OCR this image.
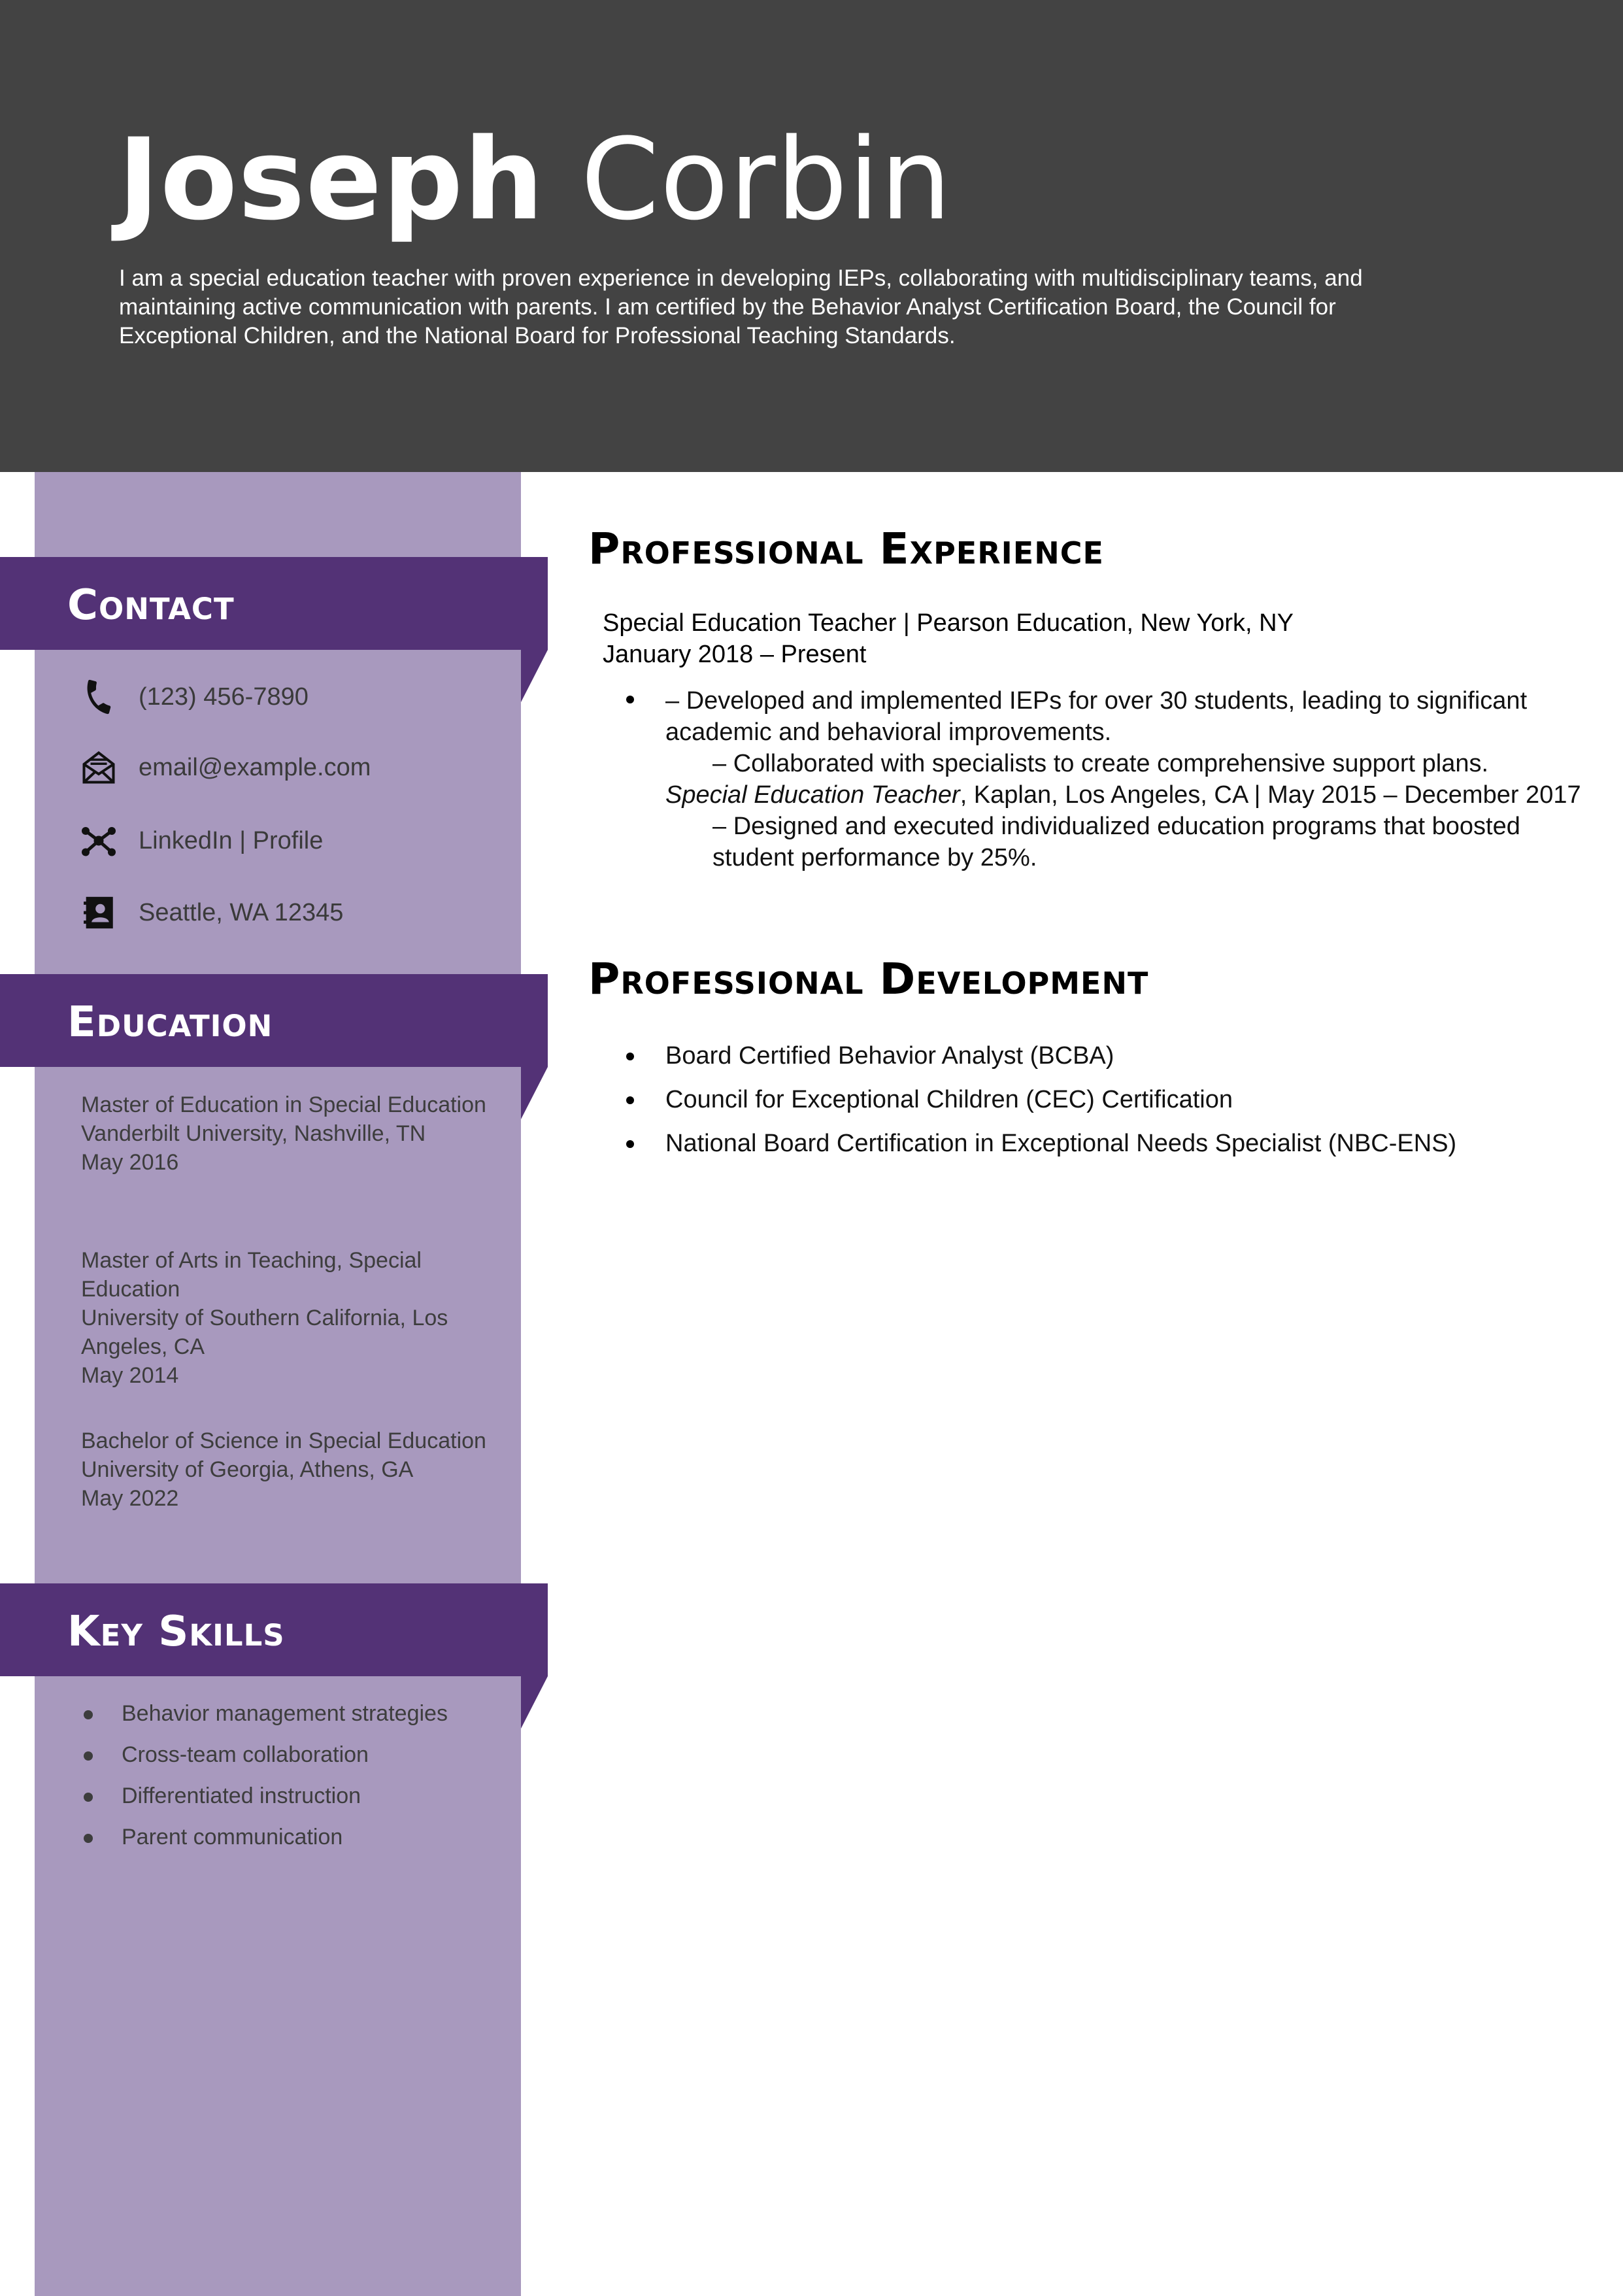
Joseph Corbin
I am a special education teacher with proven experience in developing IEPs, collaborating with multidisciplinary teams, and maintaining active communication with parents. I am certified by the Behavior Analyst Certification Board, the Council for Exceptional Children, and the National Board for Professional Teaching Standards.
Contact
(123) 456-7890
email@example.com
LinkedIn | Profile
Seattle, WA 12345
Education
Master of Education in Special Education
Vanderbilt University, Nashville, TN
May 2016
Master of Arts in Teaching, Special Education
University of Southern California, Los Angeles, CA
May 2014
Bachelor of Science in Special Education
University of Georgia, Athens, GA
May 2022
Key Skills
Behavior management strategies
Cross-team collaboration
Differentiated instruction
Parent communication
Professional Experience
Special Education Teacher | Pearson Education, New York, NY
January 2018 – Present
– Developed and implemented IEPs for over 30 students, leading to significant academic and behavioral improvements.
– Collaborated with specialists to create comprehensive support plans.
Special Education Teacher, Kaplan, Los Angeles, CA | May 2015 – December 2017
– Designed and executed individualized education programs that boosted student performance by 25%.
Professional Development
Board Certified Behavior Analyst (BCBA)
Council for Exceptional Children (CEC) Certification
National Board Certification in Exceptional Needs Specialist (NBC-ENS)
